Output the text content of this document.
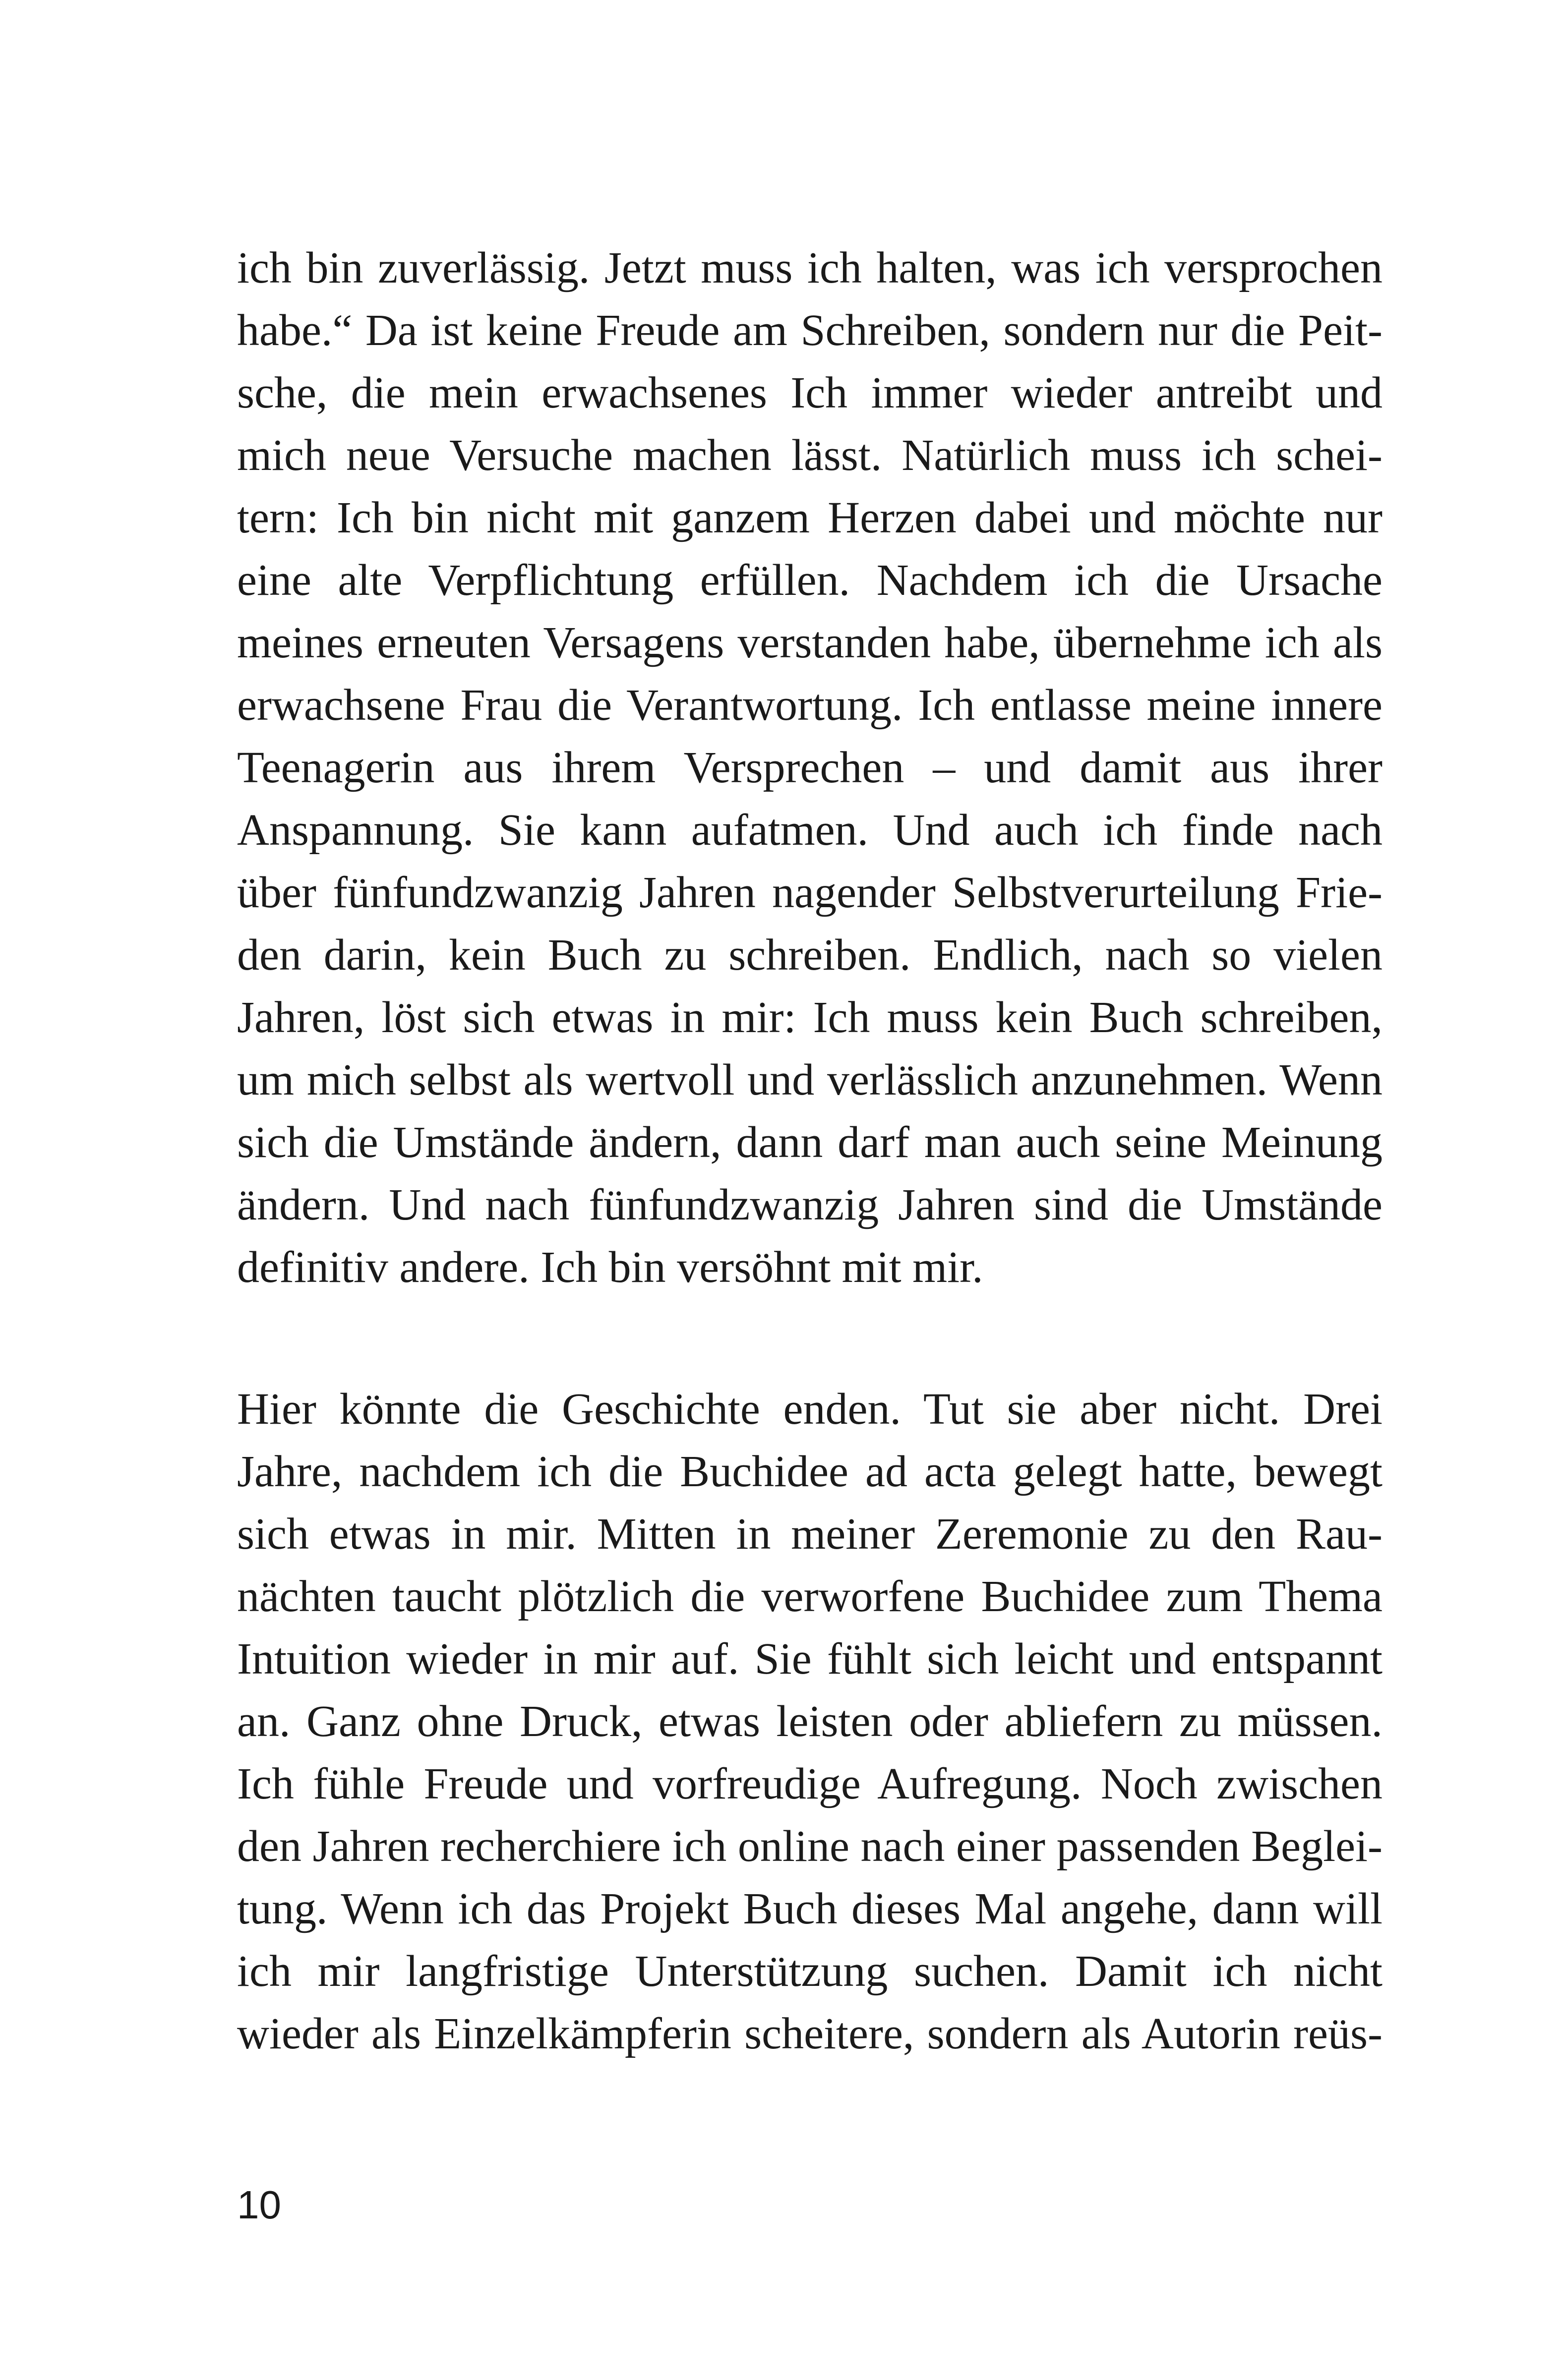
ich bin zuverlässig. Jetzt muss ich halten, was ich versprochen
habe.“ Da ist keine Freude am Schreiben, sondern nur die Peit-
sche, die mein erwachsenes Ich immer wieder antreibt und
mich neue Versuche machen lässt. Natürlich muss ich schei-
tern: Ich bin nicht mit ganzem Herzen dabei und möchte nur
eine alte Verpflichtung erfüllen. Nachdem ich die Ursache
meines erneuten Versagens verstanden habe, übernehme ich als
erwachsene Frau die Verantwortung. Ich entlasse meine innere
Teenagerin aus ihrem Versprechen – und damit aus ihrer
Anspannung. Sie kann aufatmen. Und auch ich finde nach
über fünfundzwanzig Jahren nagender Selbstverurteilung Frie-
den darin, kein Buch zu schreiben. Endlich, nach so vielen
Jahren, löst sich etwas in mir: Ich muss kein Buch schreiben,
um mich selbst als wertvoll und verlässlich anzunehmen. Wenn
sich die Umstände ändern, dann darf man auch seine Meinung
ändern. Und nach fünfundzwanzig Jahren sind die Umstände
definitiv andere. Ich bin versöhnt mit mir.
Hier könnte die Geschichte enden. Tut sie aber nicht. Drei
Jahre, nachdem ich die Buchidee ad acta gelegt hatte, bewegt
sich etwas in mir. Mitten in meiner Zeremonie zu den Rau-
nächten taucht plötzlich die verworfene Buchidee zum Thema
Intuition wieder in mir auf. Sie fühlt sich leicht und entspannt
an. Ganz ohne Druck, etwas leisten oder abliefern zu müssen.
Ich fühle Freude und vorfreudige Aufregung. Noch zwischen
den Jahren recherchiere ich online nach einer passenden Beglei-
tung. Wenn ich das Projekt Buch dieses Mal angehe, dann will
ich mir langfristige Unterstützung suchen. Damit ich nicht
wieder als Einzelkämpferin scheitere, sondern als Autorin reüs-
10
